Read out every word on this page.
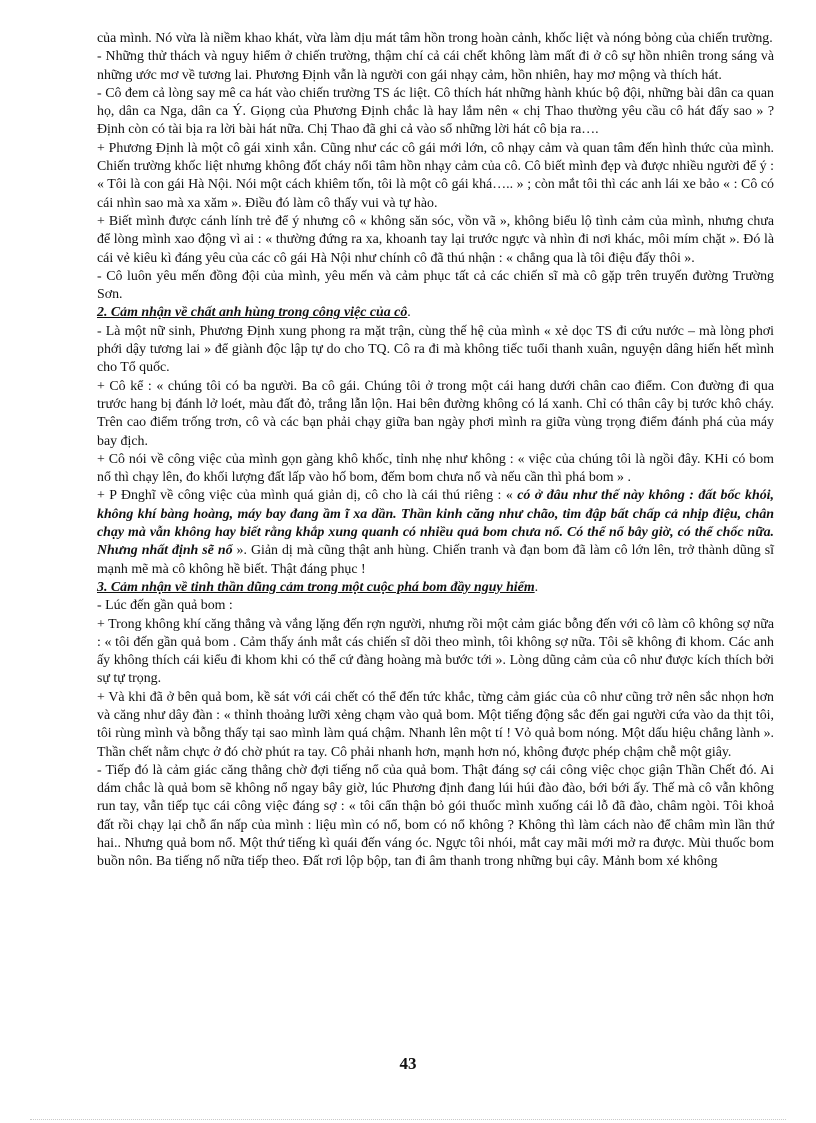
của mình. Nó vừa là niềm khao khát, vừa làm dịu mát tâm hồn trong hoàn cảnh, khốc liệt và nóng bỏng của chiến trường.

- Những thử thách và nguy hiểm ở chiến trường, thậm chí cả cái chết không làm mất đi ở cô sự hồn nhiên trong sáng và những ước mơ về tương lai. Phương Định vẫn là người con gái nhạy cảm, hồn nhiên, hay mơ mộng và thích hát.

- Cô đem cả lòng say mê ca hát vào chiến trường TS ác liệt. Cô thích hát những hành khúc bộ đội, những bài dân ca quan họ, dân ca Nga, dân ca Ý. Giọng của Phương Định chắc là hay lắm nên « chị Thao thường yêu cầu cô hát đấy sao » ? Định còn có tài bịa ra lời bài hát nữa. Chị Thao đã ghi cả vào sổ những lời hát cô bịa ra….

+ Phương Định là một cô gái xinh xắn. Cũng như các cô gái mới lớn, cô nhạy cảm và quan tâm đến hình thức của mình. Chiến trường khốc liệt nhưng không đốt cháy nổi tâm hồn nhạy cảm của cô. Cô biết mình đẹp và được nhiều người để ý : « Tôi là con gái Hà Nội. Nói một cách khiêm tốn, tôi là một cô gái khá….. » ; còn mắt tôi thì các anh lái xe bảo « : Cô có cái nhìn sao mà xa xăm ». Điều đó làm cô thấy vui và tự hào.

+ Biết mình được cánh lính trẻ để ý nhưng cô « không săn sóc, vồn vã », không biểu lộ tình cảm của mình, nhưng chưa để lòng mình xao động vì ai : « thường đứng ra xa, khoanh tay lại trước ngực và nhìn đi nơi khác, môi mím chặt ». Đó là cái vẻ kiêu kì đáng yêu của các cô gái Hà Nội như chính cô đã thú nhận : « chẳng qua là tôi điệu đấy thôi ».

- Cô luôn yêu mến đồng đội của mình, yêu mến và cảm phục tất cả các chiến sĩ mà cô gặp trên truyến đường Trường Sơn.

2. Cảm nhận về chất anh hùng trong công việc của cô.

- Là một nữ sinh, Phương Định xung phong ra mặt trận, cùng thế hệ của mình « xẻ dọc TS đi cứu nước – mà lòng phơi phới dậy tương lai » để giành độc lập tự do cho TQ. Cô ra đi mà không tiếc tuổi thanh xuân, nguyện dâng hiến hết mình cho Tổ quốc.

+ Cô kể : « chúng tôi có ba người. Ba cô gái. Chúng tôi ở trong một cái hang dưới chân cao điểm. Con đường đi qua trước hang bị đánh lở loét, màu đất đỏ, trắng lẫn lộn. Hai bên đường không có lá xanh. Chỉ có thân cây bị tước khô cháy. Trên cao điểm trống trơn, cô và các bạn phải chạy giữa ban ngày phơi mình ra giữa vùng trọng điểm đánh phá của máy bay địch.

+ Cô nói về công việc của mình gọn gàng khô khốc, tỉnh nhẹ như không : « việc của chúng tôi là ngồi đây. KHi có bom nổ thì chạy lên, đo khối lượng đất lấp vào hố bom, đếm bom chưa nổ và nếu cần thì phá bom » .

+ P Đnghĩ về công việc của mình quá giản dị, cô cho là cái thú riêng : « có ở đâu như thế này không : đất bốc khói, không khí bàng hoàng, máy bay đang ầm ĩ xa dần. Thần kinh căng như chão, tim đập bất chấp cả nhịp điệu, chân chạy mà vẫn không hay biết rằng khắp xung quanh có nhiều quả bom chưa nổ. Có thể nổ bây giờ, có thể chốc nữa. Nhưng nhất định sẽ nổ ». Giản dị mà cũng thật anh hùng. Chiến tranh và đạn bom đã làm cô lớn lên, trở thành dũng sĩ mạnh mẽ mà cô không hề biết. Thật đáng phục !

3. Cảm nhận về tinh thần dũng cảm trong một cuộc phá bom đầy nguy hiểm.

- Lúc đến gần quả bom :

+ Trong không khí căng thẳng và vắng lặng đến rợn người, nhưng rồi một cảm giác bỗng đến với cô làm cô không sợ nữa : « tôi đến gần quả bom . Cảm thấy ánh mắt cás chiến sĩ dõi theo mình, tôi không sợ nữa. Tôi sẽ không đi khom. Các anh ấy không thích cái kiểu đi khom khi có thể cứ đàng hoàng mà bước tới ». Lòng dũng cảm của cô như được kích thích bởi sự tự trọng.

+ Và khi đã ở bên quả bom, kề sát với cái chết có thể đến tức khắc, từng cảm giác của cô như cũng trở nên sắc nhọn hơn và căng như dây đàn : « thỉnh thoảng lưỡi xẻng chạm vào quả bom. Một tiếng động sắc đến gai người cứa vào da thịt tôi, tôi rùng mình và bỗng thấy tại sao mình làm quá chậm. Nhanh lên một tí ! Vỏ quả bom nóng. Một dấu hiệu chẳng lành ». Thần chết nằm chực ở đó chờ phút ra tay. Cô phải nhanh hơn, mạnh hơn nó, không được phép chậm chễ một giây.

- Tiếp đó là cảm giác căng thẳng chờ đợi tiếng nổ của quả bom. Thật đáng sợ cái công việc chọc giận Thần Chết đó. Ai dám chắc là quả bom sẽ không nổ ngay bây giờ, lúc Phương định đang lúi húi đào đào, bới bới ấy. Thế mà cô vẫn không run tay, vẫn tiếp tục cái công việc đáng sợ : « tôi cẩn thận bỏ gói thuốc mình xuống cái lỗ đã đào, châm ngòi. Tôi khoả đất rồi chạy lại chỗ ẩn nấp của mình : liệu mìn có nổ, bom có nổ không ? Không thì làm cách nào để châm mìn lần thứ hai.. Nhưng quả bom nổ. Một thứ tiếng kì quái đến váng óc. Ngực tôi nhói, mắt cay mãi mới mở ra được. Mùi thuốc bom buồn nôn. Ba tiếng nổ nữa tiếp theo. Đất rơi lộp bộp, tan đi âm thanh trong những bụi cây. Mảnh bom xé không

43
